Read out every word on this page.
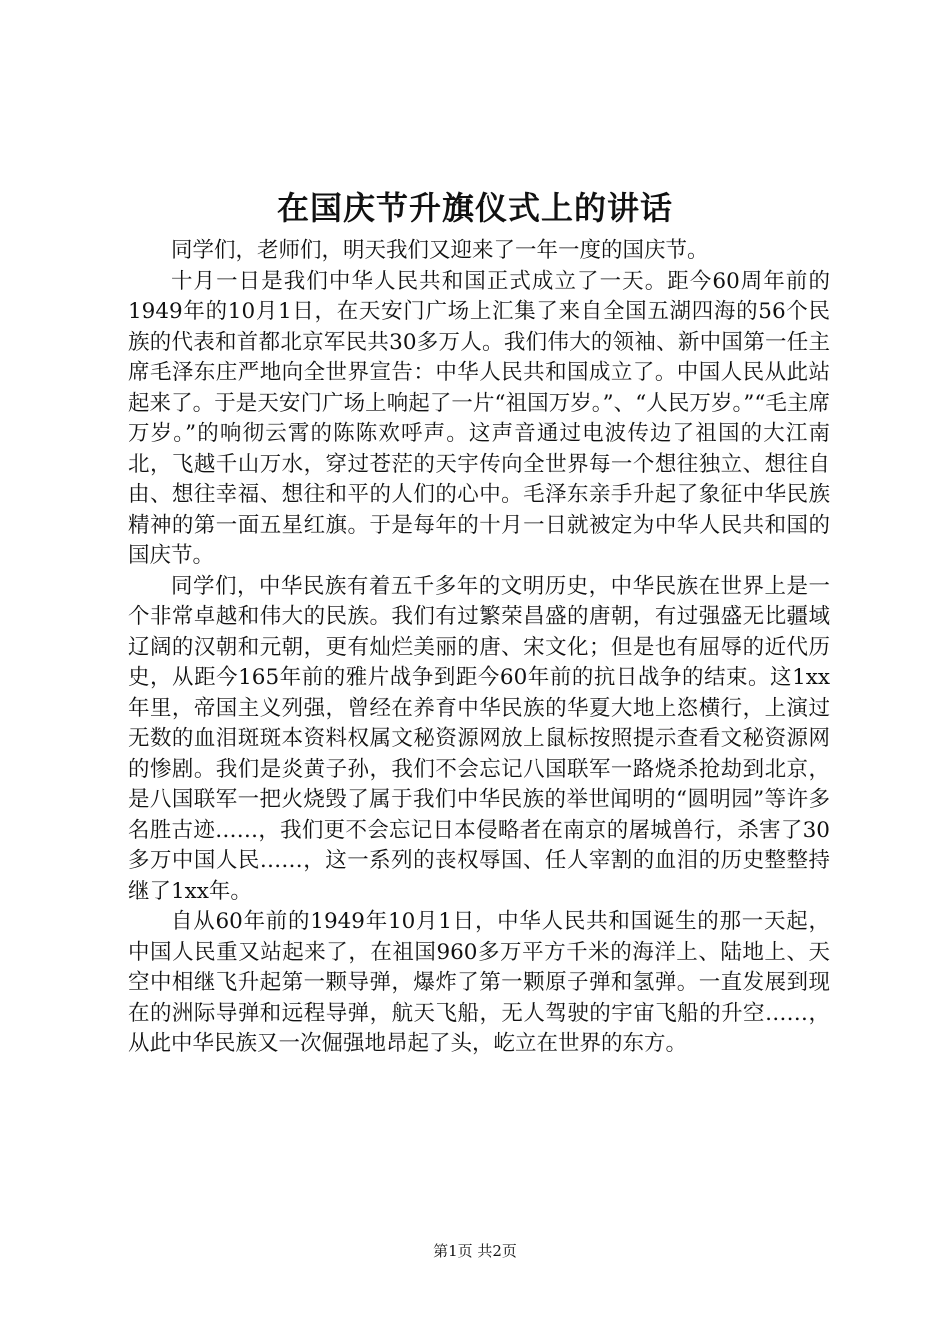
在国庆节升旗仪式上的讲话

同学们，老师们，明天我们又迎来了一年一度的国庆节。

十月一日是我们中华人民共和国正式成立了一天。距今60周年前的1949年的10月1日，在天安门广场上汇集了来自全国五湖四海的56个民族的代表和首都北京军民共30多万人。我们伟大的领袖、新中国第一任主席毛泽东庄严地向全世界宣告：中华人民共和国成立了。中国人民从此站起来了。于是天安门广场上响起了一片“祖国万岁。”、“人民万岁。”“毛主席万岁。”的响彻云霄的陈陈欢呼声。这声音通过电波传边了祖国的大江南北，飞越千山万水，穿过苍茫的天宇传向全世界每一个想往独立、想往自由、想往幸福、想往和平的人们的心中。毛泽东亲手升起了象征中华民族精神的第一面五星红旗。于是每年的十月一日就被定为中华人民共和国的国庆节。

同学们，中华民族有着五千多年的文明历史，中华民族在世界上是一个非常卓越和伟大的民族。我们有过繁荣昌盛的唐朝，有过强盛无比疆域辽阔的汉朝和元朝，更有灿烂美丽的唐、宋文化；但是也有屈辱的近代历史，从距今165年前的雅片战争到距今60年前的抗日战争的结束。这1xx年里，帝国主义列强，曾经在养育中华民族的华夏大地上恣横行，上演过无数的血泪斑斑本资料权属文秘资源网放上鼠标按照提示查看文秘资源网的惨剧。我们是炎黄子孙，我们不会忘记八国联军一路烧杀抢劫到北京，是八国联军一把火烧毁了属于我们中华民族的举世闻明的“圆明园”等许多名胜古迹……，我们更不会忘记日本侵略者在南京的屠城兽行，杀害了30多万中国人民……，这一系列的丧权辱国、任人宰割的血泪的历史整整持继了1xx年。

自从60年前的1949年10月1日，中华人民共和国诞生的那一天起，中国人民重又站起来了，在祖国960多万平方千米的海洋上、陆地上、天空中相继飞升起第一颗导弹，爆炸了第一颗原子弹和氢弹。一直发展到现在的洲际导弹和远程导弹，航天飞船，无人驾驶的宇宙飞船的升空……，从此中华民族又一次倔强地昂起了头，屹立在世界的东方。

第1页 共2页
